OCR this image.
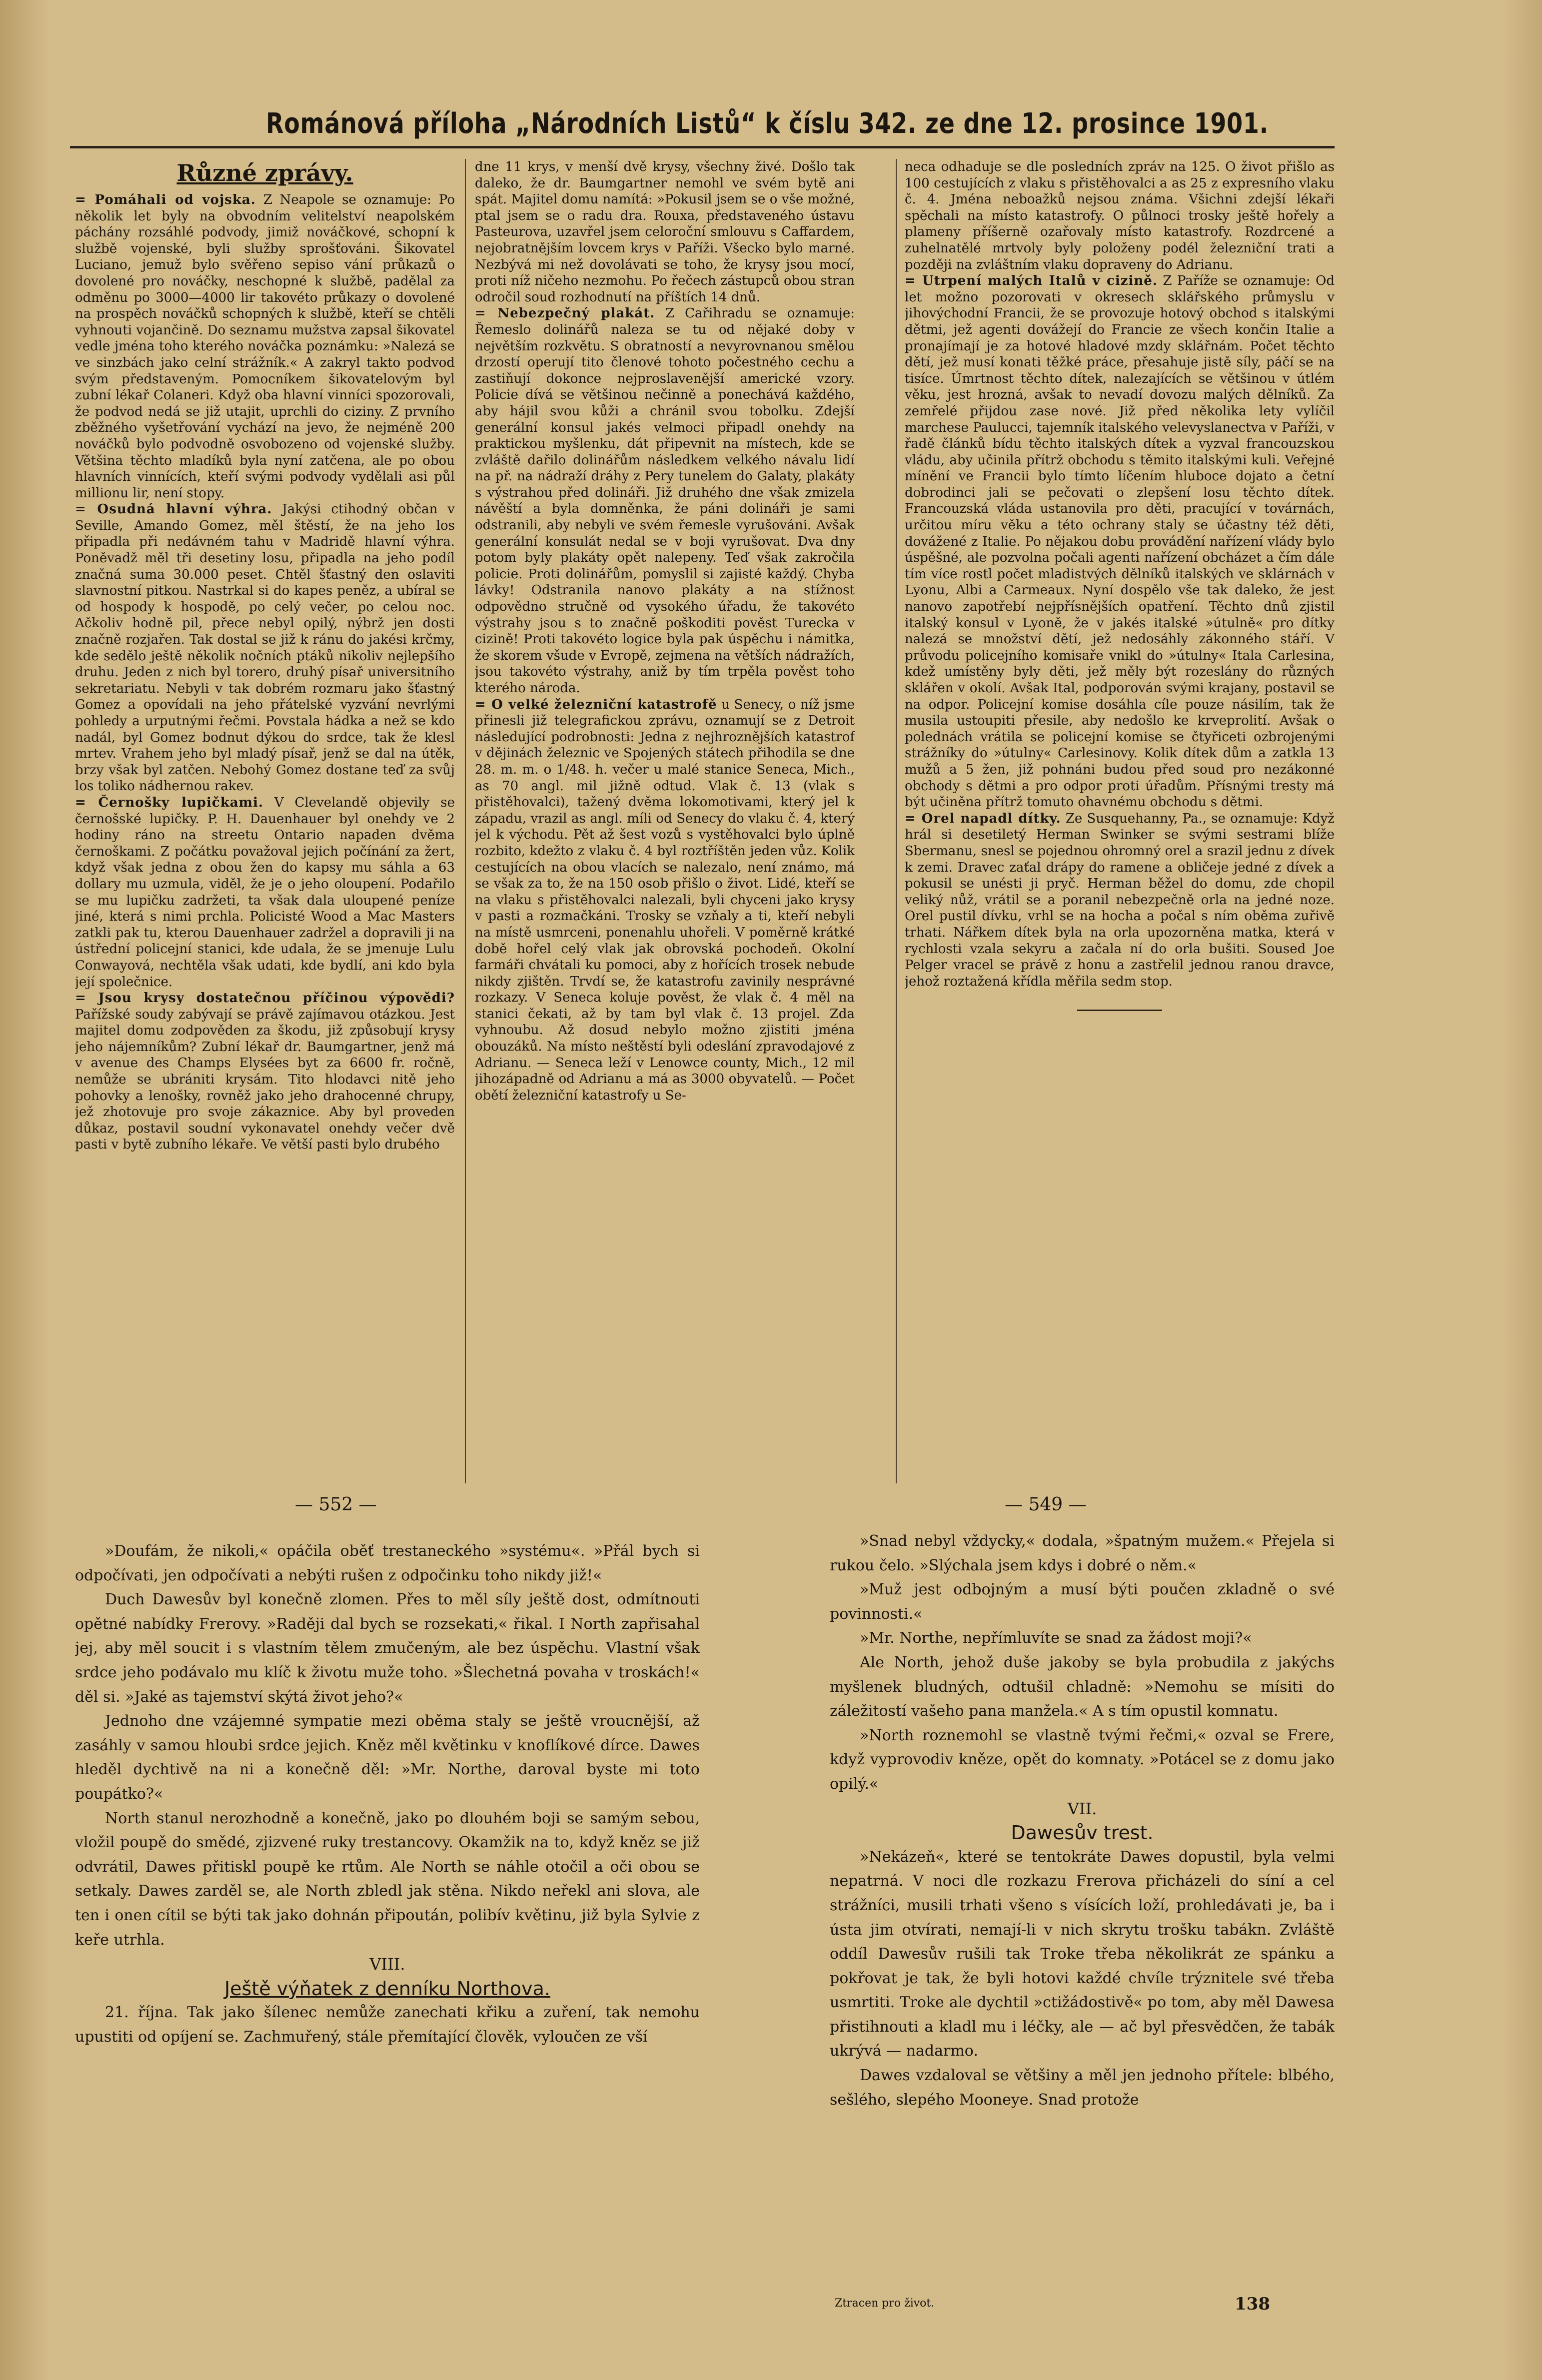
Románová příloha „Národních Listů“ k číslu 342. ze dne 12. prosince 1901.
Různé zprávy.

= Pomáhali od vojska. Z Neapole se oznamuje: Po několik let byly na obvodním velitelství neapolském páchány rozsáhlé podvody, jimiž nováčkové, schopní k službě vojenské, byli služby sprošťováni. Šikovatel Luciano, jemuž bylo svěřeno sepiso vání průkazů o dovolené pro nováčky, neschopné k službě, padělal za odměnu po 3000—4000 lir takovéto průkazy o dovolené na prospěch nováčků schopných k službě, kteří se chtěli vyhnouti vojančině. Do seznamu mužstva zapsal šikovatel vedle jména toho kterého nováčka poznámku: »Nalezá se ve sinzbách jako celní strážník.« A zakryl takto podvod svým představeným. Pomocníkem šikovatelovým byl zubní lékař Colaneri. Když oba hlavní vinníci spozorovali, že podvod nedá se již utajit, uprchli do ciziny. Z prvního zběžného vyšetřování vychází na jevo, že nejméně 200 nováčků bylo podvodně osvobozeno od vojenské služby. Většina těchto mladíků byla nyní zatčena, ale po obou hlavních vinnících, kteří svými podvody vydělali asi půl millionu lir, není stopy.

= Osudná hlavní výhra. Jakýsi ctihodný občan v Seville, Amando Gomez, měl štěstí, že na jeho los připadla při nedávném tahu v Madridě hlavní výhra. Poněvadž měl tři desetiny losu, připadla na jeho podíl značná suma 30.000 peset. Chtěl šťastný den oslaviti slavnostní pitkou. Nastrkal si do kapes peněz, a ubíral se od hospody k hospodě, po celý večer, po celou noc. Ačkoliv hodně pil, přece nebyl opilý, nýbrž jen dosti značně rozjařen. Tak dostal se již k ránu do jakési krčmy, kde sedělo ještě několik nočních ptáků nikoliv nejlepšího druhu. Jeden z nich byl torero, druhý písař universitního sekretariatu. Nebyli v tak dobrém rozmaru jako šťastný Gomez a opovídali na jeho přátelské vyzvání nevrlými pohledy a urputnými řečmi. Povstala hádka a než se kdo nadál, byl Gomez bodnut dýkou do srdce, tak že klesl mrtev. Vrahem jeho byl mladý písař, jenž se dal na útěk, brzy však byl zatčen. Nebohý Gomez dostane teď za svůj los toliko nádhernou rakev.

= Černošky lupičkami. V Clevelandě objevily se černošské lupičky. P. H. Dauenhauer byl onehdy ve 2 hodiny ráno na streetu Ontario napaden dvěma černoškami. Z počátku považoval jejich počínání za žert, když však jedna z obou žen do kapsy mu sáhla a 63 dollary mu uzmula, viděl, že je o jeho oloupení. Podařilo se mu lupičku zadržeti, ta však dala uloupené peníze jiné, která s nimi prchla. Policisté Wood a Mac Masters zatkli pak tu, kterou Dauenhauer zadržel a dopravili ji na ústřední policejní stanici, kde udala, že se jmenuje Lulu Conwayová, nechtěla však udati, kde bydlí, ani kdo byla její společnice.

= Jsou krysy dostatečnou příčinou výpovědi? Pařížské soudy zabývají se právě zajímavou otázkou. Jest majitel domu zodpověden za škodu, již způsobují krysy jeho nájemníkům? Zubní lékař dr. Baumgartner, jenž má v avenue des Champs Elysées byt za 6600 fr. ročně, nemůže se ubrániti krysám. Tito hlodavci nitě jeho pohovky a lenošky, rovněž jako jeho drahocenné chrupy, jež zhotovuje pro svoje zákaznice. Aby byl proveden důkaz, postavil soudní vykonavatel onehdy večer dvě pasti v bytě zubního lékaře. Ve větší pasti bylo drubého

dne 11 krys, v menší dvě krysy, všechny živé. Došlo tak daleko, že dr. Baumgartner nemohl ve svém bytě ani spát. Majitel domu namítá: »Pokusil jsem se o vše možné, ptal jsem se o radu dra. Rouxa, představeného ústavu Pasteurova, uzavřel jsem celoroční smlouvu s Caffardem, nejobratnějším lovcem krys v Paříži. Všecko bylo marné. Nezbývá mi než dovolávati se toho, že krysy jsou mocí, proti níž ničeho nezmohu. Po řečech zástupců obou stran odročil soud rozhodnutí na příštích 14 dnů.

= Nebezpečný plakát. Z Cařihradu se oznamuje: Řemeslo dolinářů naleza se tu od nějaké doby v největším rozkvětu. S obratností a nevyrovnanou smělou drzostí operují tito členové tohoto počestného cechu a zastiňují dokonce nejproslavenější americké vzory. Policie dívá se většinou nečinně a ponechává každého, aby hájil svou kůži a chránil svou tobolku. Zdejší generální konsul jakés velmoci připadl onehdy na praktickou myšlenku, dát připevnit na místech, kde se zvláště dařilo dolinářům následkem velkého návalu lidí na př. na nádraží dráhy z Pery tunelem do Galaty, plakáty s výstrahou před dolináři. Již druhého dne však zmizela návěští a byla domněnka, že páni dolináři je sami odstranili, aby nebyli ve svém řemesle vyrušováni. Avšak generální konsulát nedal se v boji vyrušovat. Dva dny potom byly plakáty opět nalepeny. Teď však zakročila policie. Proti dolinářům, pomyslil si zajisté každý. Chyba lávky! Odstranila nanovo plakáty a na stížnost odpovědno stručně od vysokého úřadu, že takovéto výstrahy jsou s to značně poškoditi pověst Turecka v cizině! Proti takovéto logice byla pak úspěchu i námitka, že skorem všude v Evropě, zejmena na větších nádražích, jsou takovéto výstrahy, aniž by tím trpěla pověst toho kterého národa.

= O velké železniční katastrofě u Senecy, o níž jsme přinesli již telegrafickou zprávu, oznamují se z Detroit následující podrobnosti: Jedna z nejhroznějších katastrof v dějinách železnic ve Spojených státech přihodila se dne 28. m. m. o 1/48. h. večer u malé stanice Seneca, Mich., as 70 angl. mil jižně odtud. Vlak č. 13 (vlak s přistěhovalci), tažený dvěma lokomotivami, který jel k západu, vrazil as angl. míli od Senecy do vlaku č. 4, který jel k východu. Pět až šest vozů s vystěhovalci bylo úplně rozbito, kdežto z vlaku č. 4 byl roztříštěn jeden vůz. Kolik cestujících na obou vlacích se nalezalo, není známo, má se však za to, že na 150 osob přišlo o život. Lidé, kteří se na vlaku s přistěhovalci nalezali, byli chyceni jako krysy v pasti a rozmačkáni. Trosky se vzňaly a ti, kteří nebyli na místě usmrceni, ponenahlu uhořeli. V poměrně krátké době hořel celý vlak jak obrovská pochodeň. Okolní farmáři chvátali ku pomoci, aby z hořících trosek nebude nikdy zjištěn. Trvdí se, že katastrofu zavinily nesprávné rozkazy. V Seneca koluje pověst, že vlak č. 4 měl na stanici čekati, až by tam byl vlak č. 13 projel. Zda vyhnoubu. Až dosud nebylo možno zjistiti jména obouzáků. Na místo neštěstí byli odeslání zpravodajové z Adrianu. — Seneca leží v Lenowce county, Mich., 12 mil jihozápadně od Adrianu a má as 3000 obyvatelů. — Počet obětí železniční katastrofy u Se-

neca odhaduje se dle posledních zpráv na 125. O život přišlo as 100 cestujících z vlaku s přistěhovalci a as 25 z expresního vlaku č. 4. Jména neboažků nejsou známa. Všichni zdejší lékaři spěchali na místo katastrofy. O půlnoci trosky ještě hořely a plameny příšerně ozařovaly místo katastrofy. Rozdrcené a zuhelnatělé mrtvoly byly položeny podél železniční trati a později na zvláštním vlaku dopraveny do Adrianu.

= Utrpení malých Italů v cizině. Z Paříže se oznamuje: Od let možno pozorovati v okresech sklářského průmyslu v jihovýchodní Francii, že se provozuje hotový obchod s italskými dětmi, jež agenti dovážejí do Francie ze všech končin Italie a pronajímají je za hotové hladové mzdy sklářnám. Počet těchto dětí, jež musí konati těžké práce, přesahuje jistě síly, páčí se na tisíce. Úmrtnost těchto dítek, nalezajících se většinou v útlém věku, jest hrozná, avšak to nevadí dovozu malých dělníků. Za zemřelé přijdou zase nové. Již před několika lety vylíčil marchese Paulucci, tajemník italského velevyslanectva v Paříži, v řadě článků bídu těchto italských dítek a vyzval francouzskou vládu, aby učinila přítrž obchodu s těmito italskými kuli. Veřejné mínění ve Francii bylo tímto líčením hluboce dojato a četní dobrodinci jali se pečovati o zlepšení losu těchto dítek. Francouzská vláda ustanovila pro děti, pracující v továrnách, určitou míru věku a této ochrany staly se účastny též děti, dovážené z Italie. Po nějakou dobu provádění nařízení vlády bylo úspěšné, ale pozvolna počali agenti nařízení obcházet a čím dále tím více rostl počet mladistvých dělníků italských ve sklárnách v Lyonu, Albi a Carmeaux. Nyní dospělo vše tak daleko, že jest nanovo zapotřebí nejpřísnějších opatření. Těchto dnů zjistil italský konsul v Lyoně, že v jakés italské »útulně« pro dítky nalezá se množství dětí, jež nedosáhly zákonného stáří. V průvodu policejního komisaře vnikl do »útulny« Itala Carlesina, kdež umístěny byly děti, jež měly být rozeslány do různých sklářen v okolí. Avšak Ital, podporován svými krajany, postavil se na odpor. Policejní komise dosáhla cíle pouze násilím, tak že musila ustoupiti přesile, aby nedošlo ke krveprolití. Avšak o polednách vrátila se policejní komise se čtyřiceti ozbrojenými strážníky do »útulny« Carlesinovy. Kolik dítek dům a zatkla 13 mužů a 5 žen, již pohnáni budou před soud pro nezákonné obchody s dětmi a pro odpor proti úřadům. Přísnými tresty má být učiněna přítrž tomuto ohavnému obchodu s dětmi.

= Orel napadl dítky. Ze Susquehanny, Pa., se oznamuje: Když hrál si desetiletý Herman Swinker se svými sestrami blíže Sbermanu, snesl se pojednou ohromný orel a srazil jednu z dívek k zemi. Dravec zaťal drápy do ramene a obličeje jedné z dívek a pokusil se unésti ji pryč. Herman běžel do domu, zde chopil veliký nůž, vrátil se a poranil nebezpečně orla na jedné noze. Orel pustil dívku, vrhl se na hocha a počal s ním oběma zuřivě trhati. Nářkem dítek byla na orla upozorněna matka, která v rychlosti vzala sekyru a začala ní do orla bušiti. Soused Joe Pelger vracel se právě z honu a zastřelil jednou ranou dravce, jehož roztažená křídla měřila sedm stop.

— 552 —	— 549 —

»Doufám, že nikoli,« opáčila oběť trestaneckého »systému«. »Přál bych si odpočívati, jen odpočívati a nebýti rušen z odpočinku toho nikdy již!«

Duch Dawesův byl konečně zlomen. Přes to měl síly ještě dost, odmítnouti opětné nabídky Frerovy. »Raději dal bych se rozsekati,« řikal. I North zapřisahal jej, aby měl soucit i s vlastním tělem zmučeným, ale bez úspěchu. Vlastní však srdce jeho podávalo mu klíč k životu muže toho. »Šlechetná povaha v troskách!« děl si. »Jaké as tajemství skýtá život jeho?«

Jednoho dne vzájemné sympatie mezi oběma staly se ještě vroucnější, až zasáhly v samou hloubi srdce jejich. Kněz měl květinku v knoflíkové dírce. Dawes hleděl dychtivě na ni a konečně děl: »Mr. Northe, daroval byste mi toto poupátko?«

North stanul nerozhodně a konečně, jako po dlouhém boji se samým sebou, vložil poupě do smědé, zjizvené ruky trestancovy. Okamžik na to, když kněz se již odvrátil, Dawes přitiskl poupě ke rtům. Ale North se náhle otočil a oči obou se setkaly. Dawes zarděl se, ale North zbledl jak stěna. Nikdo neřekl ani slova, ale ten i onen cítil se býti tak jako dohnán připoután, polibív květinu, již byla Sylvie z keře utrhla.

VIII.

Ještě výňatek z denníku Northova.

21. října. Tak jako šílenec nemůže zanechati křiku a zuření, tak nemohu upustiti od opíjení se. Zachmuřený, stále přemítající člověk, vyloučen ze vší

»Snad nebyl vždycky,« dodala, »špatným mužem.« Přejela si rukou čelo. »Slýchala jsem kdys i dobré o něm.«

»Muž jest odbojným a musí býti poučen zkladně o své povinnosti.«

»Mr. Northe, nepřímluvíte se snad za žádost moji?«

Ale North, jehož duše jakoby se byla probudila z jakýchs myšlenek bludných, odtušil chladně: »Nemohu se mísiti do záležitostí vašeho pana manžela.« A s tím opustil komnatu.

»North roznemohl se vlastně tvými řečmi,« ozval se Frere, když vyprovodiv kněze, opět do komnaty. »Potácel se z domu jako opilý.«

VII.

Dawesův trest.

»Nekázeň«, které se tentokráte Dawes dopustil, byla velmi nepatrná. V noci dle rozkazu Frerova přicházeli do síní a cel strážníci, musili trhati všeno s vísících loží, prohledávati je, ba i ústa jim otvírati, nemají-li v nich skrytu trošku tabákn. Zvláště oddíl Dawesův rušili tak Troke třeba několikrát ze spánku a pokřovat je tak, že byli hotovi každé chvíle trýznitele své třeba usmrtiti. Troke ale dychtil »ctižádostivě« po tom, aby měl Dawesa přistihnouti a kladl mu i léčky, ale — ač byl přesvědčen, že tabák ukrývá — nadarmo.

Dawes vzdaloval se většiny a měl jen jednoho přítele: blbého, sešlého, slepého Mooneye. Snad protože

Ztracen pro život.	138
